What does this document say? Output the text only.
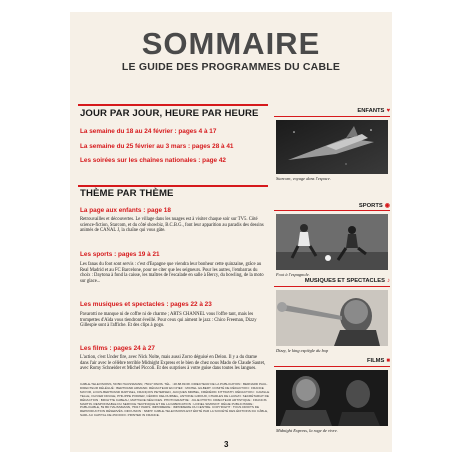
SOMMAIRE
LE GUIDE DES PROGRAMMES DU CABLE
JOUR PAR JOUR, HEURE PAR HEURE
La semaine du 18 au 24 février : pages 4 à 17
La semaine du 25 février au 3 mars : pages 28 à 41
Les soirées sur les chaînes nationales : page 42
THÈME PAR THÈME
La page aux enfants : page 18
Retrouvailles et découvertes. Le village dans les nuages est à visiter chaque soir sur TV5. Côté science-fiction, Starcom, et du côté showbiz, B.C.B.G., font leur apparition au paradis des dessins animés de CANAL J, la chaîne qui vous gâte.
Les sports : pages 19 à 21
Les fanas du foot sont servis : c'est d'Espagne que viendra leur bonheur cette quinzaine, grâce au Real Madrid et au FC Barcelone, pour ne citer que les seigneurs. Pour les autres, l'embarras du choix : Daytona à fond la caisse, les maîtres de l'escalade en salle à Bercy, du bowling, de la moto sur glace...
Les musiques et spectacles : pages 22 à 23
Pavarotti ne manque ni de coffre ni de charme ; ARTS CHANNEL vous l'offre tant, mais les trompettes d'Aïda vous tiendront éveillé. Pour ceux qui aiment le jazz : Chico Freeman, Dizzy Gillespie sont à l'affiche. Et des clips à gogo.
Les films : pages 24 à 27
L'action, c'est Under fire, avec Nick Nolte, mais aussi Zorro déguisé en Delon. Il y a du drame dans l'air avec le célèbre terrible Midnight Express et le bien de chez nous Mado de Claude Sautet, avec Romy Schneider et Michel Piccoli. Et des surprises à votre guise dans toutes les langues.
CABLE-TELEVISIONS, 59 BD HAUSSMANN, 75017 PARIS. TÉL. : 48.88.89.68. DIRECTEUR DE LA PUBLICATION : BERNARD PAUL. DIRECTEUR DÉLÉGUÉ : BERTRAND ARMAND. RÉDACTEUR EN CHEF : MICHEL GILBERT. COMITÉ DE RÉDACTION : FRANCE MAYOR, LOUIS-BERTRAND RAPHAEL, FRANÇOIS PETERSEN, JACQUES MIRBEL, FRÉDÉRIC KITTIRATH. RÉDACTION : CAMILLE TELLE, OLIVIER DRUGE, PHILIPPE POIRIER, CÉDRIC DELOURMEL, ANTOINE GIROUD, CHARLES DE LAUNAY. SECRÉTARIAT DE RÉDACTION : BRIGITTE CABEAU, MATHILDE NÉGOCES. PHOTOGRAPHIE : JULIE PHOTO. DIRECTEUR ARTISTIQUE : FRANCIS MARTIN. RESPONSABLE DU SERVICE TECHNIQUE ET DE LA FABRICATION : LIONEL SIMONOT. RÉGIE PUBLICITAIRE : PUBLICABLE, 59 BD HAUSSMANN, 75017 PARIS. IMPRIMERIE : IMPRIMERIE DU CENTRE. COPYRIGHT : TOUS DROITS DE REPRODUCTION RÉSERVÉS. DIFFUSION : NMPP. CABLE-TELEVISIONS EST ÉDITÉ PAR LA SOCIÉTÉ DES ÉDITIONS DU CÂBLE, SARL AU CAPITAL DE 250 000 F. PRINTED IN FRANCE.
3
ENFANTS ♥
Starcom, voyage dans l'espace.
SPORTS ◉
Foot à l'espagnole.
MUSIQUES ET SPECTACLES ♪
Dizzy, le king espiègle du bop
FILMS ■
Midnight Express, la rage de vivre.
